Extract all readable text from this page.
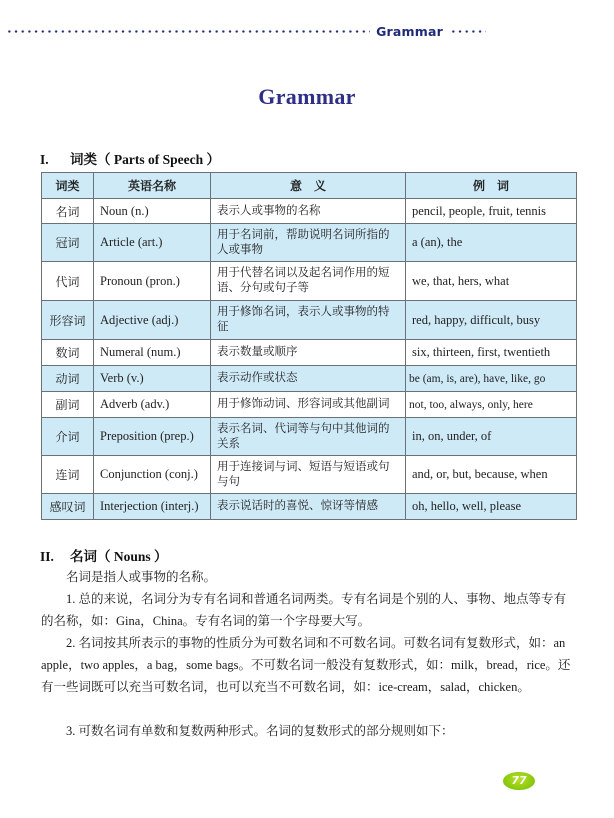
Grammar
Grammar
I. 词类（ Parts of Speech ）
词类	英语名称	意　义	例　词
名词	Noun (n.)	表示人或事物的名称	pencil, people, fruit, tennis
冠词	Article (art.)	用于名词前，帮助说明名词所指的人或事物	a (an), the
代词	Pronoun (pron.)	用于代替名词以及起名词作用的短语、分句或句子等	we, that, hers, what
形容词	Adjective (adj.)	用于修饰名词，表示人或事物的特征	red, happy, difficult, busy
数词	Numeral (num.)	表示数量或顺序	six, thirteen, first, twentieth
动词	Verb (v.)	表示动作或状态	be (am, is, are), have, like, go
副词	Adverb (adv.)	用于修饰动词、形容词或其他副词	not, too, always, only, here
介词	Preposition (prep.)	表示名词、代词等与句中其他词的关系	in, on, under, of
连词	Conjunction (conj.)	用于连接词与词、短语与短语或句与句	and, or, but, because, when
感叹词	Interjection (interj.)	表示说话时的喜悦、惊讶等情感	oh, hello, well, please
II. 名词（ Nouns ）

名词是指人或事物的名称。

1. 总的来说，名词分为专有名词和普通名词两类。专有名词是个别的人、事物、地点等专有的名称，如：Gina，China。专有名词的第一个字母要大写。

2. 名词按其所表示的事物的性质分为可数名词和不可数名词。可数名词有复数形式，如：an apple，two apples，a bag，some bags。不可数名词一般没有复数形式，如：milk，bread，rice。还有一些词既可以充当可数名词，也可以充当不可数名词，如：ice-cream，salad，chicken。

3. 可数名词有单数和复数两种形式。名词的复数形式的部分规则如下：

77
